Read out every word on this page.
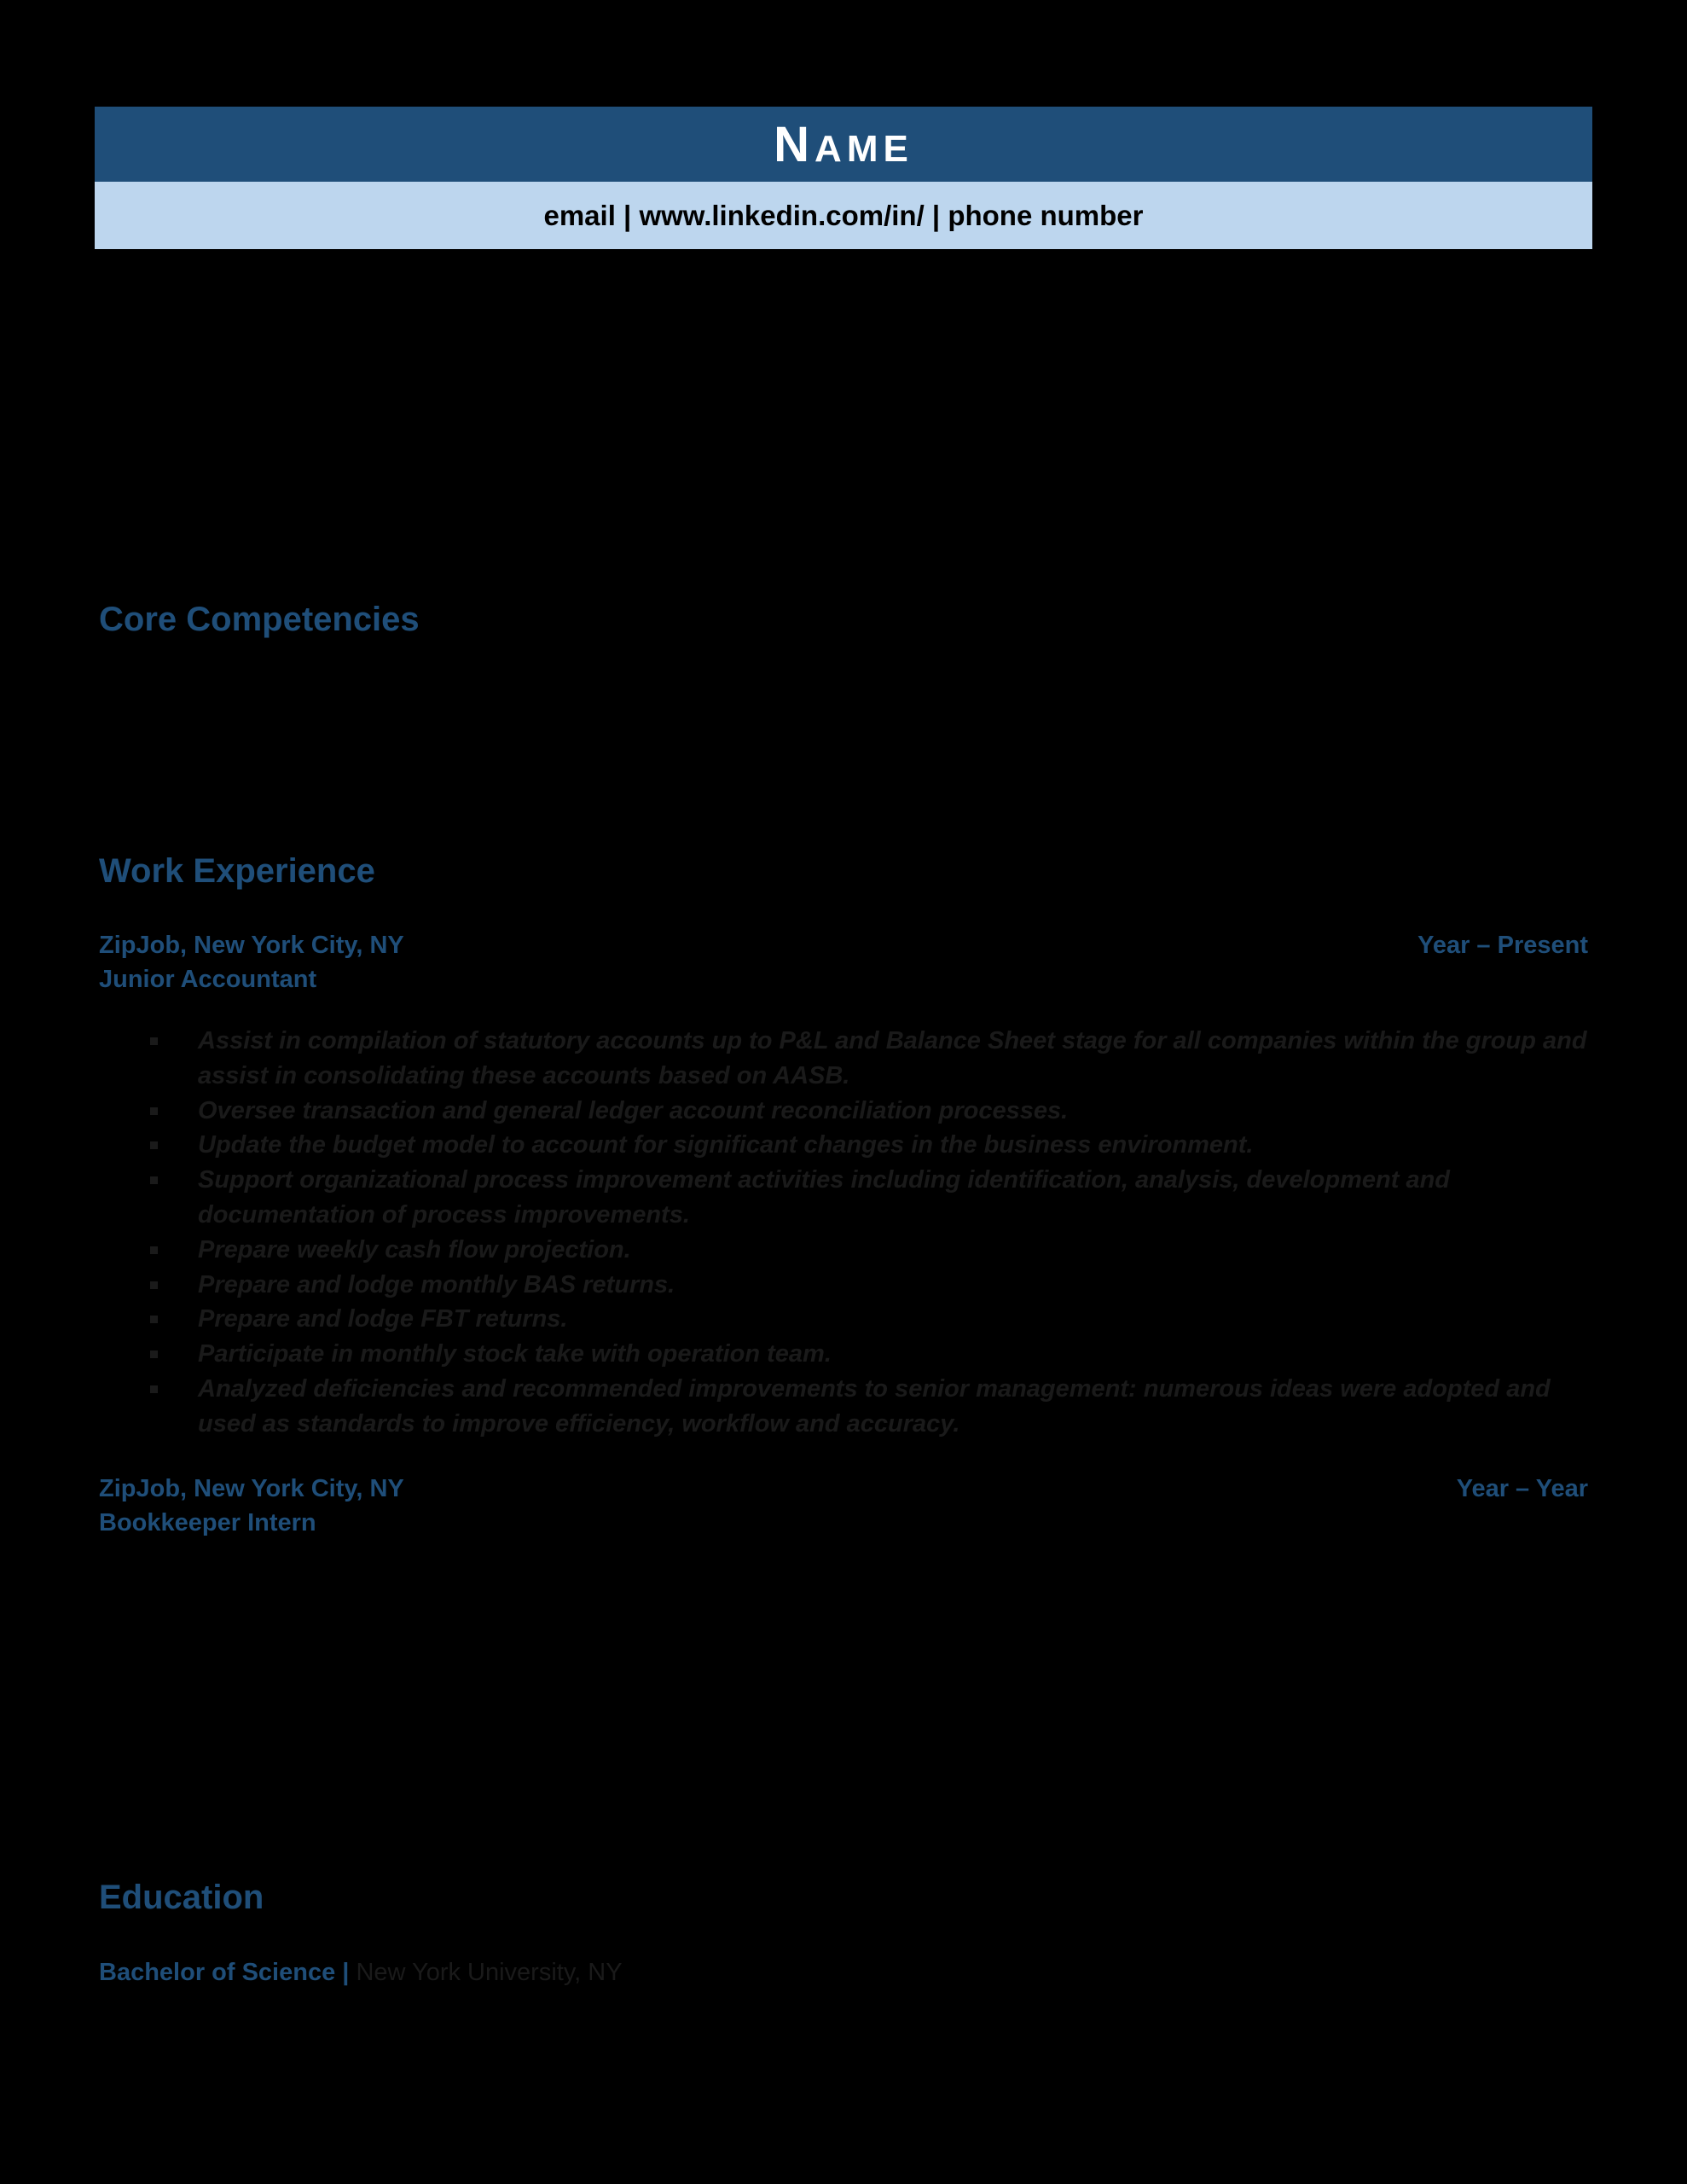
NAME
email | www.linkedin.com/in/ | phone number
Core Competencies
Work Experience
ZipJob, New York City, NY	Year – Present
Junior Accountant
Assist in compilation of statutory accounts up to P&L and Balance Sheet stage for all companies within the group and assist in consolidating these accounts based on AASB.
Oversee transaction and general ledger account reconciliation processes.
Update the budget model to account for significant changes in the business environment.
Support organizational process improvement activities including identification, analysis, development and documentation of process improvements.
Prepare weekly cash flow projection.
Prepare and lodge monthly BAS returns.
Prepare and lodge FBT returns.
Participate in monthly stock take with operation team.
Analyzed deficiencies and recommended improvements to senior management: numerous ideas were adopted and used as standards to improve efficiency, workflow and accuracy.
ZipJob, New York City, NY	Year – Year
Bookkeeper Intern
Education
Bachelor of Science | New York University, NY
